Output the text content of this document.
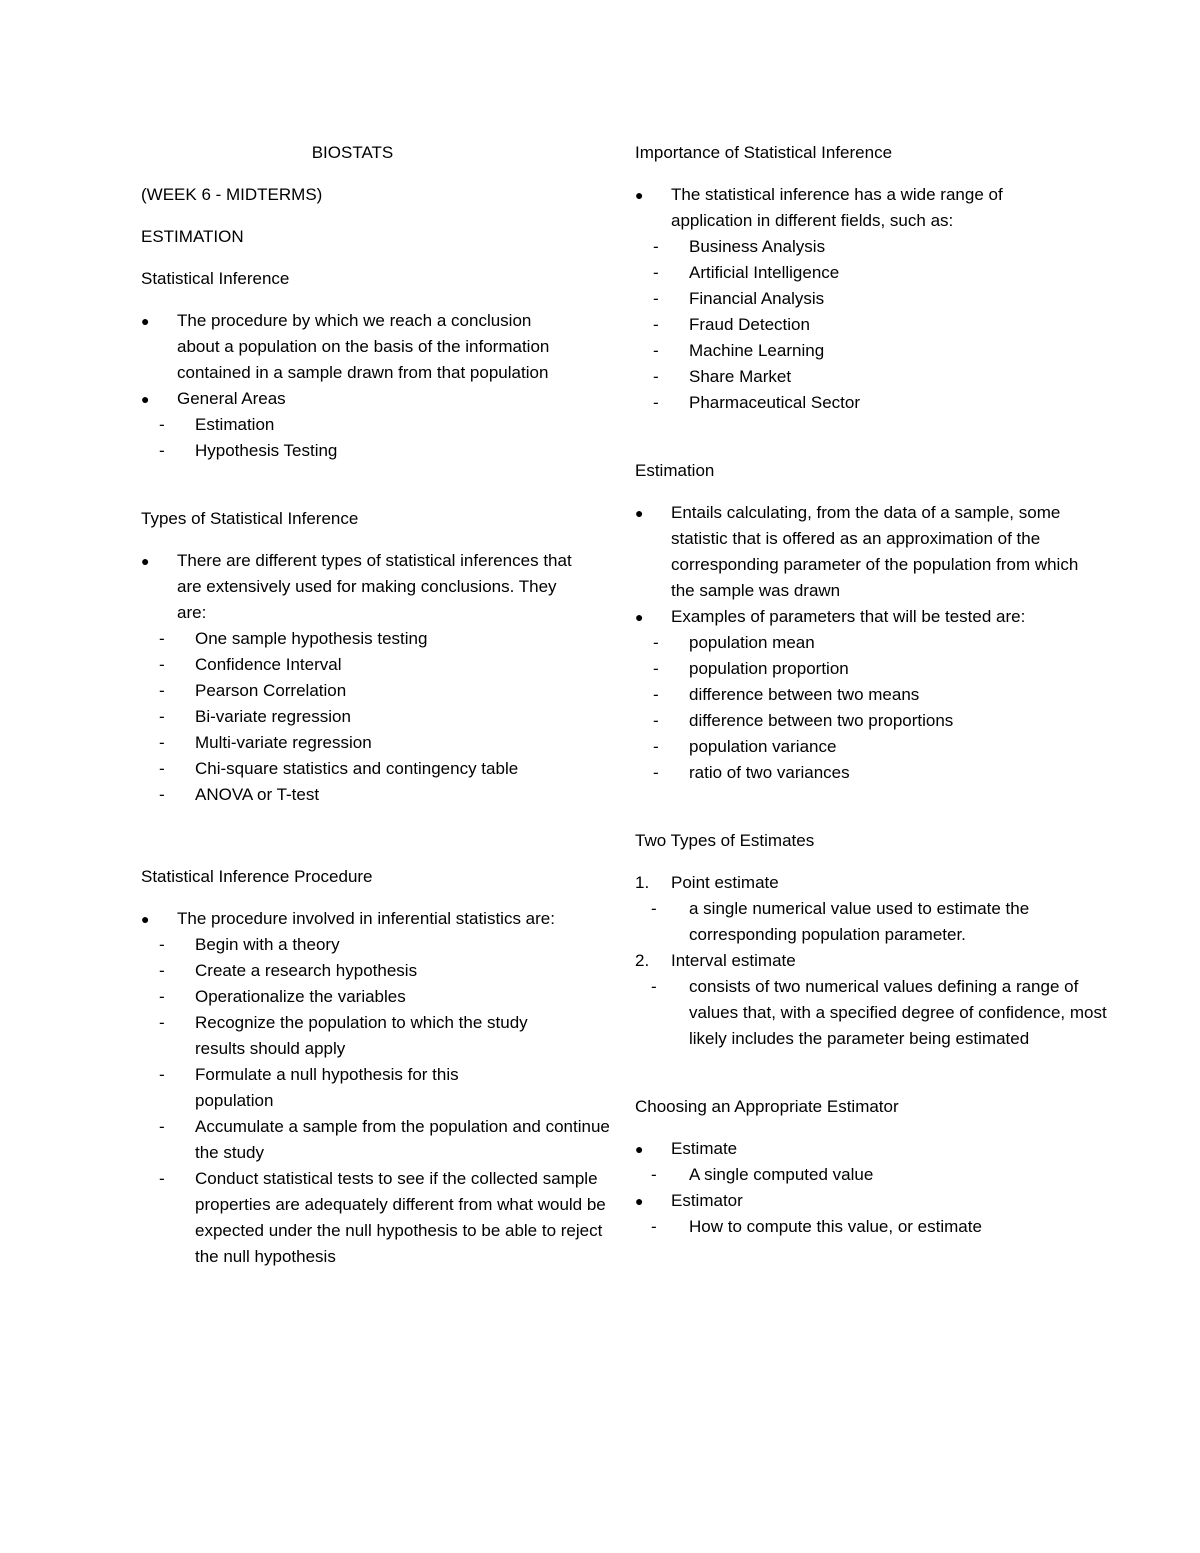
BIOSTATS
(WEEK 6 - MIDTERMS)
ESTIMATION
Statistical Inference
●	The procedure by which we reach a conclusion about a population on the basis of the information contained in a sample drawn from that population
●	General Areas
-	Estimation
-	Hypothesis Testing
Types of Statistical Inference
●	There are different types of statistical inferences that are extensively used for making conclusions. They are:
-	One sample hypothesis testing
-	Confidence Interval
-	Pearson Correlation
-	Bi-variate regression
-	Multi-variate regression
-	Chi-square statistics and contingency table
-	ANOVA or T-test
Statistical Inference Procedure
●	The procedure involved in inferential statistics are:
-	Begin with a theory
-	Create a research hypothesis
-	Operationalize the variables
-	Recognize the population to which the study results should apply
-	Formulate a null hypothesis for this population
-	Accumulate a sample from the population and continue the study
-	Conduct statistical tests to see if the collected sample properties are adequately different from what would be expected under the null hypothesis to be able to reject the null hypothesis
Importance of Statistical Inference
●	The statistical inference has a wide range of application in different fields, such as:
-	Business Analysis
-	Artificial Intelligence
-	Financial Analysis
-	Fraud Detection
-	Machine Learning
-	Share Market
-	Pharmaceutical Sector
Estimation
●	Entails calculating, from the data of a sample, some statistic that is offered as an approximation of the corresponding parameter of the population from which the sample was drawn
●	Examples of parameters that will be tested are:
-	population mean
-	population proportion
-	difference between two means
-	difference between two proportions
-	population variance
-	ratio of two variances
Two Types of Estimates
1. Point estimate
- a single numerical value used to estimate the corresponding population parameter.
2. Interval estimate
- consists of two numerical values defining a range of values that, with a specified degree of confidence, most likely includes the parameter being estimated
Choosing an Appropriate Estimator
●	Estimate
- A single computed value
●	Estimator
- How to compute this value, or estimate
